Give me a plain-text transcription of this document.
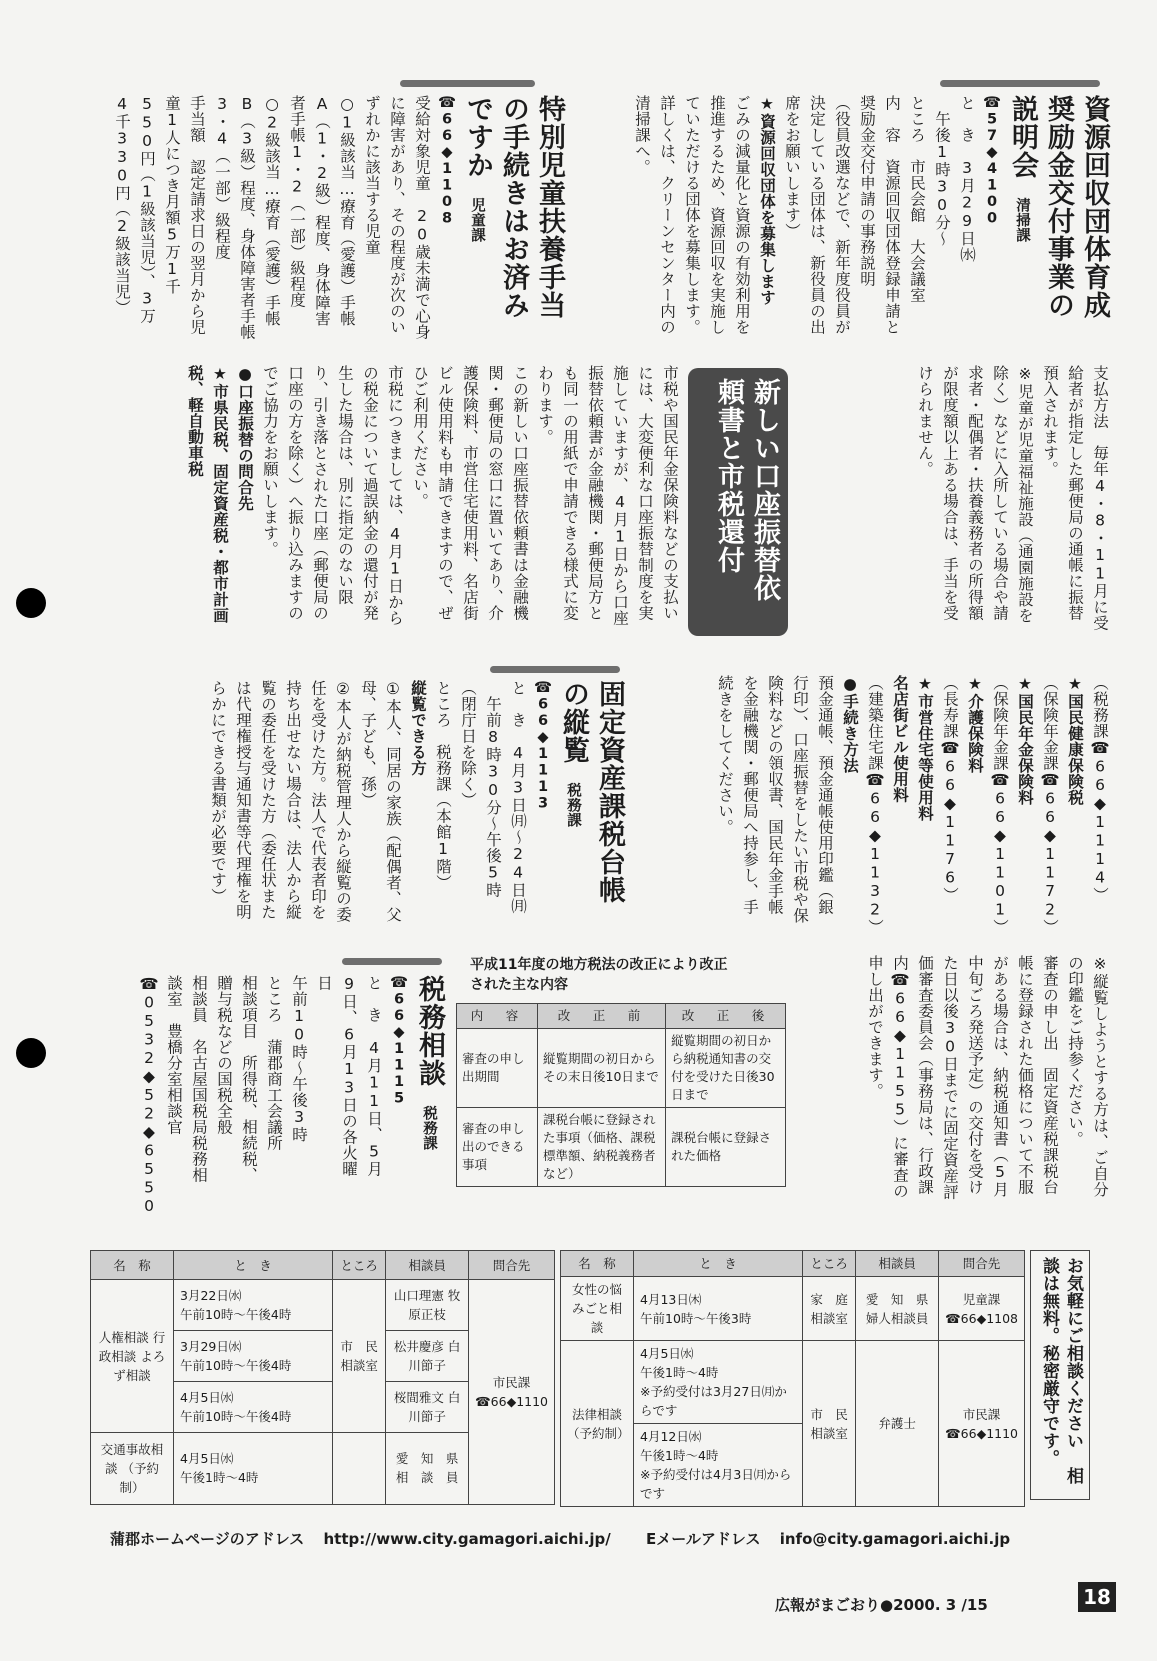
資源回収団体育成奨励金交付事業の説明会 清掃課☎57◆4100
と　き　3月29日㈬
　午後1時30分～
ところ　市民会館　大会議室
内　容　資源回収団体登録申請と奨励金交付申請の事務説明
（役員改選などで、新年度役員が決定している団体は、新役員の出席をお願いします）
★資源回収団体を募集します
ごみの減量化と資源の有効利用を推進するため、資源回収を実施していただける団体を募集します。詳しくは、クリーンセンター内の清掃課へ。
特別児童扶養手当の手続きはお済みですか 児童課☎66◆1108
受給対象児童　20歳未満で心身に障害があり、その程度が次のいずれかに該当する児童
○1級該当…療育（愛護）手帳A（1・2級）程度、身体障害者手帳1・2（一部）級程度
○2級該当…療育（愛護）手帳B（3級）程度、身体障害者手帳3・4（一部）級程度
手当額　認定請求日の翌月から児童1人につき月額5万1千550円（1級該当児）、3万4千330円（2級該当児）
支払方法　毎年4・8・11月に受給者が指定した郵便局の通帳に振替預入されます。
※児童が児童福祉施設（通園施設を除く）などに入所している場合や請求者・配偶者・扶養義務者の所得額が限度額以上ある場合は、手当を受けられません。
新しい口座振替依頼書と市税還付
市税や国民年金保険料などの支払いには、大変便利な口座振替制度を実施していますが、4月1日から口座振替依頼書が金融機関・郵便局方とも同一の用紙で申請できる様式に変わります。
この新しい口座振替依頼書は金融機関・郵便局の窓口に置いてあり、介護保険料、市営住宅使用料、名店街ビル使用料も申請できますので、ぜひご利用ください。
市税につきましては、4月1日からの税金について過誤納金の還付が発生した場合は、別に指定のない限り、引き落とされた口座（郵便局の口座の方を除く）へ振り込みますのでご協力をお願いします。
●口座振替の問合先
★市県民税、固定資産税・都市計画税、軽自動車税
（税務課☎66◆1114）
★国民健康保険税
（保険年金課☎66◆1172）
★国民年金保険料
（保険年金課☎66◆1101）
★介護保険料
（長寿課☎66◆1176）
★市営住宅等使用料
名店街ビル使用料
（建築住宅課☎66◆1132）
●手続き方法
預金通帳、預金通帳使用印鑑（銀行印）、口座振替をしたい市税や保険料などの領収書、国民年金手帳を金融機関・郵便局へ持参し、手続きをしてください。
固定資産課税台帳の縦覧 税務課☎66◆1113
と　き　4月3日㈪～24日㈪
　午前8時30分～午後5時
（閉庁日を除く）
ところ　税務課（本館1階）
縦覧できる方
①本人、同居の家族（配偶者、父母、子ども、孫）
②本人が納税管理人から縦覧の委任を受けた方。法人で代表者印を持ち出せない場合は、法人から縦覧の委任を受けた方（委任状または代理権授与通知書等代理権を明らかにできる書類が必要です）
※縦覧しようとする方は、ご自分の印鑑をご持参ください。
審査の申し出　固定資産税課税台帳に登録された価格について不服がある場合は、納税通知書（5月中旬ごろ発送予定）の交付を受けた日以後30日までに固定資産評価審査委員会（事務局は、行政課内☎66◆1155）に審査の申し出ができます。
平成11年度の地方税法の改正により改正された主な内容
内　容	改　正　前	改　正　後
審査の申し出期間	縦覧期間の初日からその末日後10日まで	縦覧期間の初日から納税通知書の交付を受けた日後30日まで
審査の申し出のできる事項	課税台帳に登録された事項（価格、課税標準額、納税義務者など）	課税台帳に登録された価格
税務相談 税務課☎66◆1115
と　き　4月11日、5月9日、6月13日の各火曜日
午前10時～午後3時
ところ　蒲郡商工会議所
相談項目　所得税、相続税、贈与税などの国税全般
相談員　名古屋国税局税務相談室　豊橋分室相談官
☎0532◆52◆6550
お気軽にご相談ください　相談は無料。秘密厳守です。
名　称	と　き	ところ	相談員	問合先
人権相談 行政相談 よろず相談	3月22日㈬
午前10時～午後4時	市　民 相談室	山口理憲 牧原正枝	市民課 ☎66◆1110
	3月29日㈬
午前10時～午後4時		松井慶彦 白川節子	
	4月5日㈬
午前10時～午後4時		桜間雅文 白川節子	
交通事故相談 （予約制）	4月5日㈬
午後1時～4時		愛　知　県 相　談　員	
名　称	と　き	ところ	相談員	問合先
女性の悩みごと相談	4月13日㈭
午前10時～午後3時	家　庭 相談室	愛　知　県 婦人相談員	児童課 ☎66◆1108
法律相談 （予約制）	4月5日㈬
午後1時～4時
※予約受付は3月27日㈪からです	市　民 相談室	弁護士	市民課 ☎66◆1110
	4月12日㈬
午後1時～4時
※予約受付は4月3日㈪からです			
蒲郡ホームページのアドレス http://www.city.gamagori.aichi.jp/ Eメールアドレス info@city.gamagori.aichi.jp
広報がまごおり●2000. 3 /15	18
